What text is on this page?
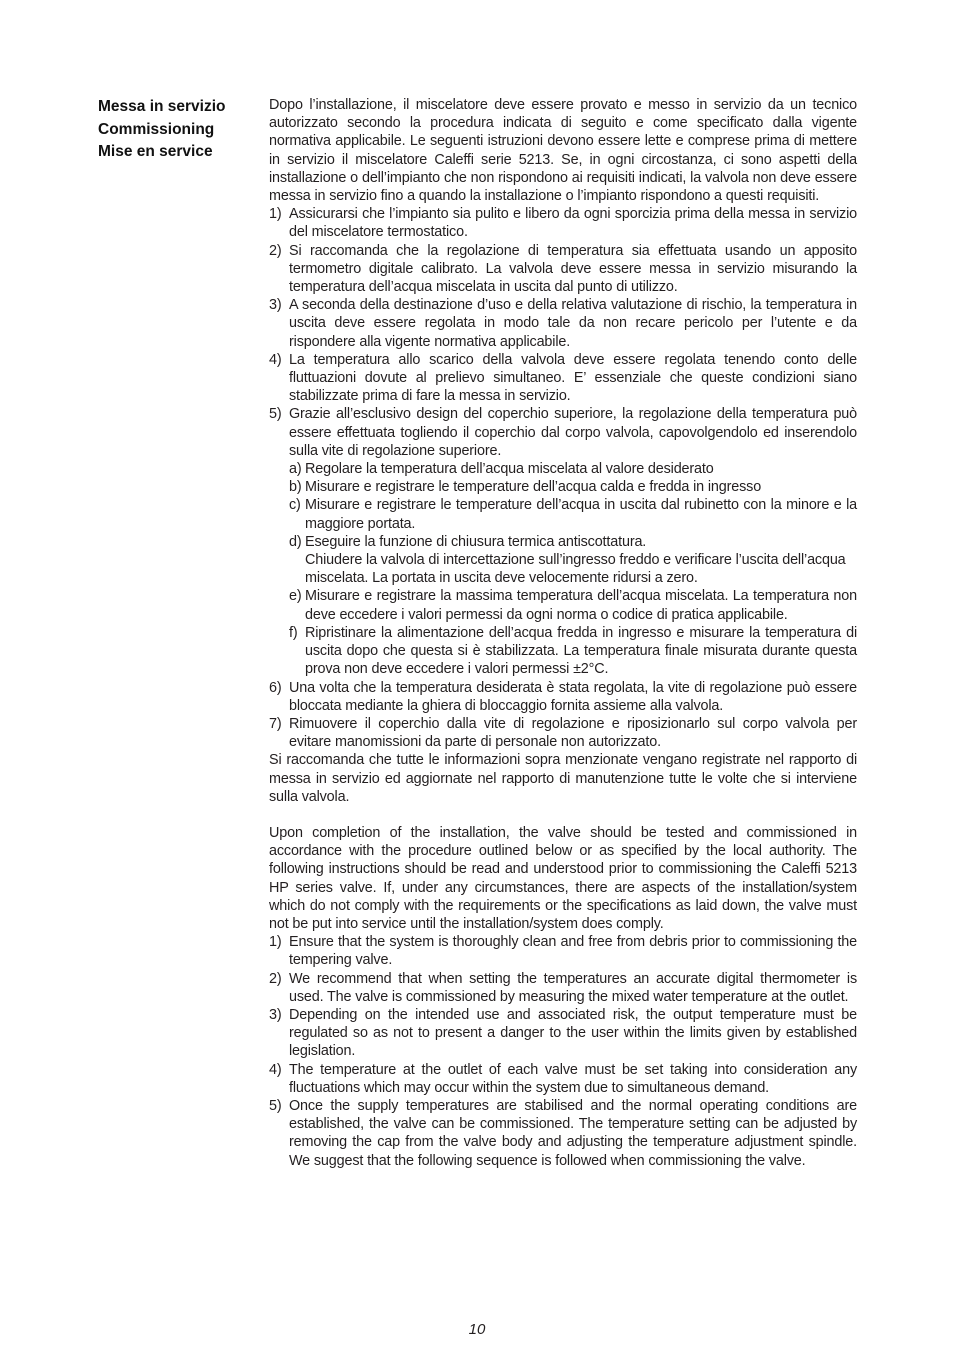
Messa in servizio
Commissioning
Mise en service

Dopo l’installazione, il miscelatore deve essere provato e messo in servizio da un tecnico autorizzato secondo la procedura indicata di seguito e come specificato dalla vigente normativa applicabile. Le seguenti istruzioni devono essere lette e comprese prima di mettere in servizio il miscelatore Caleffi serie 5213. Se, in ogni circostanza, ci sono aspetti della installazione o dell’impianto che non rispondono ai requisiti indicati, la valvola non deve essere messa in servizio fino a quando la installazione o l’impianto rispondono a questi requisiti.

1) Assicurarsi che l’impianto sia pulito e libero da ogni sporcizia prima della messa in servizio del miscelatore termostatico.
2) Si raccomanda che la regolazione di temperatura sia effettuata usando un apposito termometro digitale calibrato. La valvola deve essere messa in servizio misurando la temperatura dell’acqua miscelata in uscita dal punto di utilizzo.
3) A seconda della destinazione d’uso e della relativa valutazione di rischio, la temperatura in uscita deve essere regolata in modo tale da non recare pericolo per l’utente e da rispondere alla vigente normativa applicabile.
4) La temperatura allo scarico della valvola deve essere regolata tenendo conto delle fluttuazioni dovute al prelievo simultaneo. E’ essenziale che queste condizioni siano stabilizzate prima di fare la messa in servizio.
5) Grazie all’esclusivo design del coperchio superiore, la regolazione della temperatura può essere effettuata togliendo il coperchio dal corpo valvola, capovolgendolo ed inserendolo sulla vite di regolazione superiore.
a) Regolare la temperatura dell’acqua miscelata al valore desiderato
b) Misurare e registrare le temperature dell’acqua calda e fredda in ingresso
c) Misurare e registrare le temperature dell’acqua in uscita dal rubinetto con la minore e la maggiore portata.
d) Eseguire la funzione di chiusura termica antiscottatura.
Chiudere la valvola di intercettazione sull’ingresso freddo e verificare l’uscita dell’acqua miscelata. La portata in uscita deve velocemente ridursi a zero.
e) Misurare e registrare la massima temperatura dell’acqua miscelata. La temperatura non deve eccedere i valori permessi da ogni norma o codice di pratica applicabile.
f) Ripristinare la alimentazione dell’acqua fredda in ingresso e misurare la temperatura di uscita dopo che questa si è stabilizzata. La temperatura finale misurata durante questa prova non deve eccedere i valori permessi ±2°C.
6) Una volta che la temperatura desiderata è stata regolata, la vite di regolazione può essere bloccata mediante la ghiera di bloccaggio fornita assieme alla valvola.
7) Rimuovere il coperchio dalla vite di regolazione e riposizionarlo sul corpo valvola per evitare manomissioni da parte di personale non autorizzato.

Si raccomanda che tutte le informazioni sopra menzionate vengano registrate nel rapporto di messa in servizio ed aggiornate nel rapporto di manutenzione tutte le volte che si interviene sulla valvola.

Upon completion of the installation, the valve should be tested and commissioned in accordance with the procedure outlined below or as specified by the local authority. The following instructions should be read and understood prior to commissioning the Caleffi 5213 HP series valve. If, under any circumstances, there are aspects of the installation/system which do not comply with the requirements or the specifications as laid down, the valve must not be put into service until the installation/system does comply.

1) Ensure that the system is thoroughly clean and free from debris prior to commissioning the tempering valve.
2) We recommend that when setting the temperatures an accurate digital thermometer is used. The valve is commissioned by measuring the mixed water temperature at the outlet.
3) Depending on the intended use and associated risk, the output temperature must be regulated so as not to present a danger to the user within the limits given by established legislation.
4) The temperature at the outlet of each valve must be set taking into consideration any fluctuations which may occur within the system due to simultaneous demand.
5) Once the supply temperatures are stabilised and the normal operating conditions are established, the valve can be commissioned. The temperature setting can be adjusted by removing the cap from the valve body and adjusting the temperature adjustment spindle. We suggest that the following sequence is followed when commissioning the valve.
10
